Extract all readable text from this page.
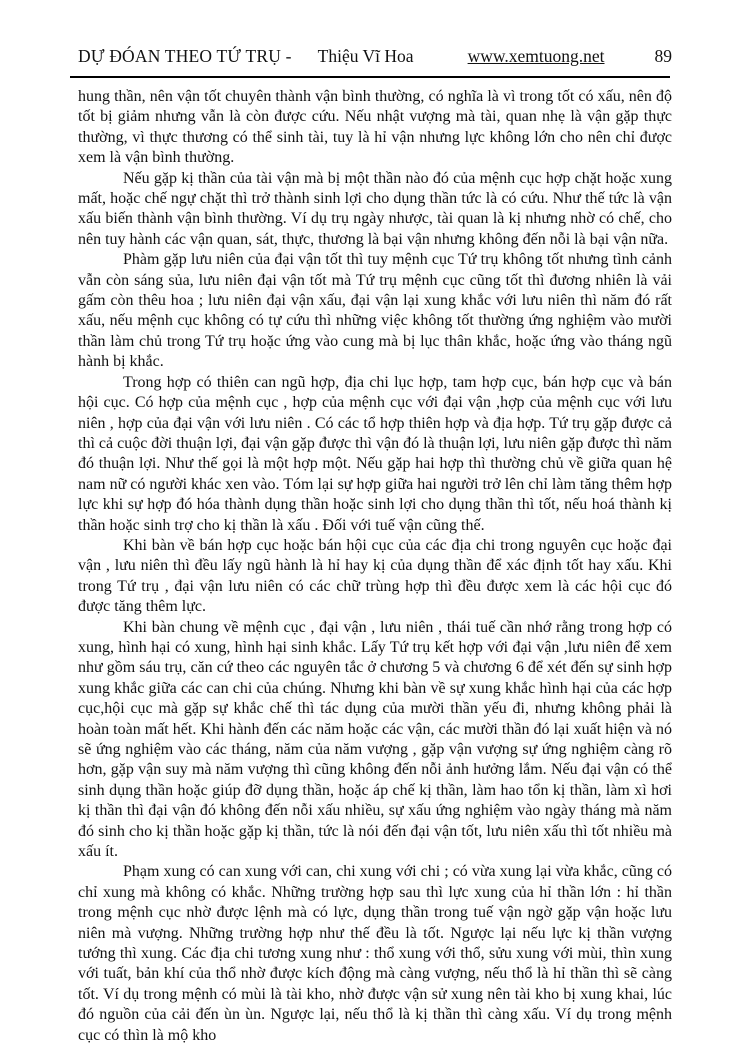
DỰ ĐÓAN THEO TỨ TRỤ - Thiệu Vĩ Hoa	www.xemtuong.net	89

hung thần, nên vận tốt chuyên thành vận bình thường, có nghĩa là vì trong tốt có xấu, nên độ tốt bị giảm nhưng vẫn là còn được cứu. Nếu nhật vượng mà tài, quan nhẹ là vận gặp thực thường, vì thực thương có thể sinh tài, tuy là hỉ vận nhưng lực không lớn cho nên chỉ được xem là vận bình thường.

Nếu gặp kị thần của tài vận mà bị một thần nào đó của mệnh cục hợp chặt hoặc xung mất, hoặc chế ngự chặt thì trở thành sinh lợi cho dụng thần tức là có cứu. Như thế tức là vận xấu biến thành vận bình thường. Ví dụ trụ ngày nhược, tài quan là kị nhưng nhờ có chế, cho nên tuy hành các vận quan, sát, thực, thương là bại vận nhưng không đến nỗi là bại vận nữa.

Phàm gặp lưu niên của đại vận tốt thì tuy mệnh cục Tứ trụ không tốt nhưng tình cảnh vẫn còn sáng sủa, lưu niên đại vận tốt mà Tứ trụ mệnh cục cũng tốt thì đương nhiên là vải gấm còn thêu hoa ; lưu niên đại vận xấu, đại vận lại xung khắc với lưu niên thì năm đó rất xấu, nếu mệnh cục không có tự cứu thì những việc không tốt thường ứng nghiệm vào mười thần làm chủ trong Tứ trụ hoặc ứng vào cung mà bị lục thân khắc, hoặc ứng vào tháng ngũ hành bị khắc.

Trong hợp có thiên can ngũ hợp, địa chi lục hợp, tam hợp cục, bán hợp cục và bán hội cục. Có hợp của mệnh cục , hợp của mệnh cục với đại vận ,hợp của mệnh cục với lưu niên , hợp của đại vận với lưu niên . Có các tổ hợp thiên hợp và địa hợp. Tứ trụ gặp được cả thì cả cuộc đời thuận lợi, đại vận gặp được thì vận đó là thuận lợi, lưu niên gặp được thì năm đó thuận lợi. Như thế gọi là một hợp một. Nếu gặp hai hợp thì thường chủ về giữa quan hệ nam nữ có người khác xen vào. Tóm lại sự hợp giữa hai người trở lên chỉ làm tăng thêm hợp lực khi sự hợp đó hóa thành dụng thần hoặc sinh lợi cho dụng thần thì tốt, nếu hoá thành kị thần hoặc sinh trợ cho kị thần là xấu . Đối với tuế vận cũng thế.

Khi bàn về bán hợp cục hoặc bán hội cục của các địa chi trong nguyên cục hoặc đại vận , lưu niên thì đều lấy ngũ hành là hỉ hay kị của dụng thần để xác định tốt hay xấu. Khi trong Tứ trụ , đại vận lưu niên có các chữ trùng hợp thì đều được xem là các hội cục đó được tăng thêm lực.

Khi bàn chung về mệnh cục , đại vận , lưu niên , thái tuế cần nhớ rằng trong hợp có xung, hình hại có xung, hình hại sinh khắc. Lấy Tứ trụ kết hợp với đại vận ,lưu niên để xem như gồm sáu trụ, căn cứ theo các nguyên tắc ở chương 5 và chương 6 để xét đến sự sinh hợp xung khắc giữa các can chi của chúng. Nhưng khi bàn về sự xung khắc hình hại của các hợp cục,hội cục mà gặp sự khắc chế thì tác dụng của mười thần yếu đi, nhưng không phải là hoàn toàn mất hết. Khi hành đến các năm hoặc các vận, các mười thần đó lại xuất hiện và nó sẽ ứng nghiệm vào các tháng, năm của năm vượng , gặp vận vượng sự ứng nghiệm càng rõ hơn, gặp vận suy mà năm vượng thì cũng không đến nỗi ảnh hưởng lắm. Nếu đại vận có thể sinh dụng thần hoặc giúp đỡ dụng thần, hoặc áp chế kị thần, làm hao tổn kị thần, làm xì hơi kị thần thì đại vận đó không đến nỗi xấu nhiều, sự xấu ứng nghiệm vào ngày tháng mà năm đó sinh cho kị thần hoặc gặp kị thần, tức là nói đến đại vận tốt, lưu niên xấu thì tốt nhiều mà xấu ít.

Phạm xung có can xung với can, chi xung với chi ; có vừa xung lại vừa khắc, cũng có chỉ xung mà không có khắc. Những trường hợp sau thì lực xung của hỉ thần lớn : hỉ thần trong mệnh cục nhờ được lệnh mà có lực, dụng thần trong tuế vận ngờ gặp vận hoặc lưu niên mà vượng. Những trường hợp như thế đều là tốt. Ngược lại nếu lực kị thần vượng tướng thì xung. Các địa chi tương xung như : thổ xung với thổ, sửu xung với mùi, thìn xung với tuất, bản khí của thổ nhờ được kích động mà càng vượng, nếu thổ là hỉ thần thì sẽ càng tốt. Ví dụ trong mệnh có mùi là tài kho, nhờ được vận sử xung nên tài kho bị xung khai, lúc đó nguồn của cải đến ùn ùn. Ngược lại, nếu thổ là kị thần thì càng xấu. Ví dụ trong mệnh cục có thìn là mộ kho
